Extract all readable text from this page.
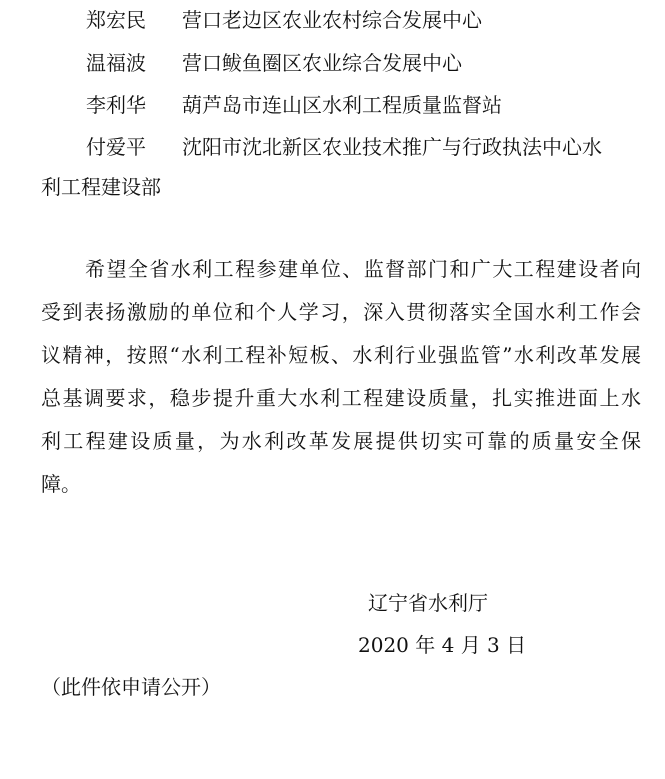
郑宏民 营口老边区农业农村综合发展中心
温福波 营口鲅鱼圈区农业综合发展中心
李利华 葫芦岛市连山区水利工程质量监督站
付爱平 沈阳市沈北新区农业技术推广与行政执法中心水
利工程建设部
希望全省水利工程参建单位、监督部门和广大工程建设者向
受到表扬激励的单位和个人学习，深入贯彻落实全国水利工作会
议精神，按照“水利工程补短板、水利行业强监管”水利改革发展
总基调要求，稳步提升重大水利工程建设质量，扎实推进面上水
利工程建设质量，为水利改革发展提供切实可靠的质量安全保
障。
辽宁省水利厅
2020 年 4 月 3 日
（此件依申请公开）
